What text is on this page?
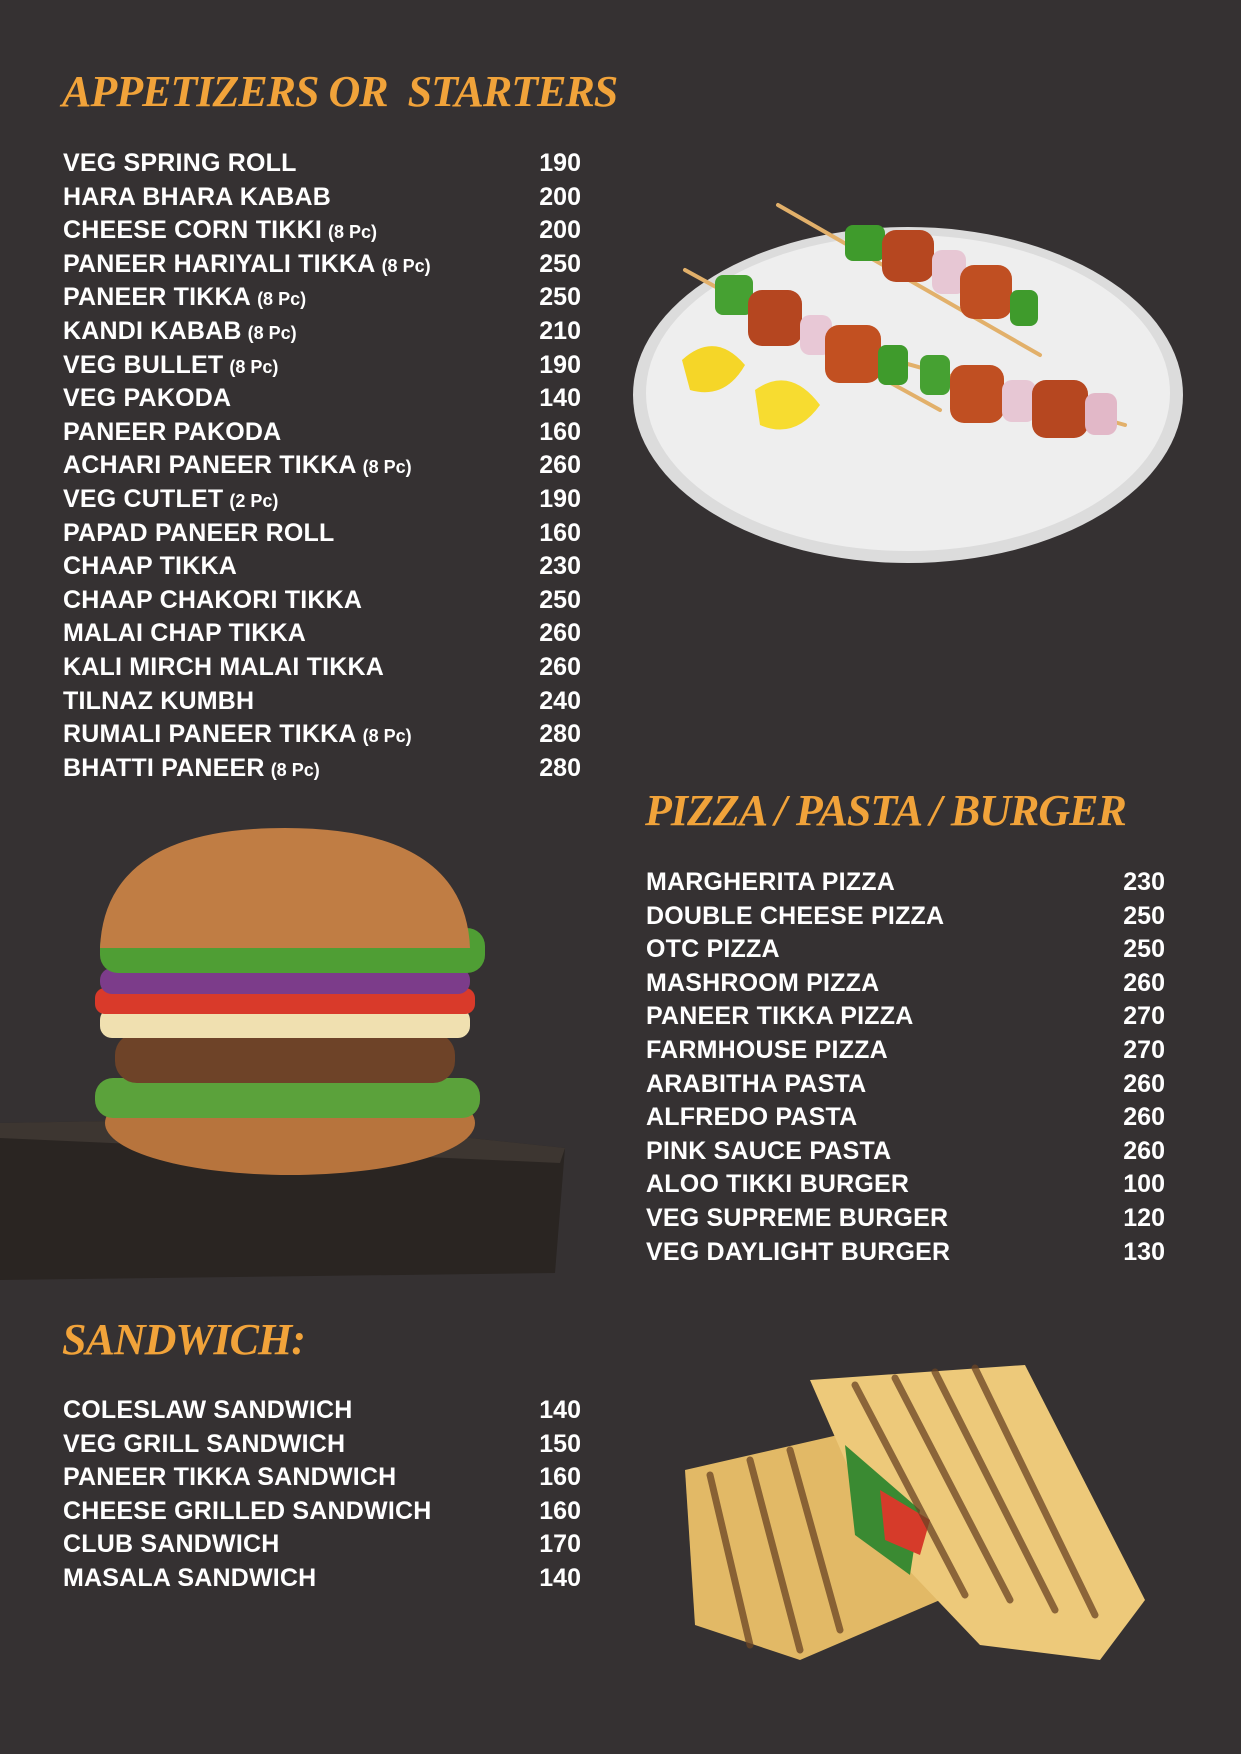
APPETIZERS OR  STARTERS
PIZZA / PASTA / BURGER
SANDWICH:
VEG SPRING ROLL	190
HARA BHARA KABAB	200
CHEESE CORN TIKKI (8 Pc)	200
PANEER HARIYALI TIKKA (8 Pc)	250
PANEER TIKKA (8 Pc)	250
KANDI KABAB (8 Pc)	210
VEG BULLET (8 Pc)	190
VEG PAKODA	140
PANEER PAKODA	160
ACHARI PANEER TIKKA (8 Pc)	260
VEG CUTLET (2 Pc)	190
PAPAD PANEER ROLL	160
CHAAP TIKKA	230
CHAAP CHAKORI TIKKA	250
MALAI CHAP TIKKA	260
KALI MIRCH MALAI TIKKA	260
TILNAZ KUMBH	240
RUMALI PANEER TIKKA (8 Pc)	280
BHATTI PANEER (8 Pc)	280
MARGHERITA PIZZA	230
DOUBLE CHEESE PIZZA	250
OTC PIZZA	250
MASHROOM PIZZA	260
PANEER TIKKA PIZZA	270
FARMHOUSE PIZZA	270
ARABITHA PASTA	260
ALFREDO PASTA	260
PINK SAUCE PASTA	260
ALOO TIKKI BURGER	100
VEG SUPREME BURGER	120
VEG DAYLIGHT BURGER	130
COLESLAW SANDWICH	140
VEG GRILL SANDWICH	150
PANEER TIKKA SANDWICH	160
CHEESE GRILLED SANDWICH	160
CLUB SANDWICH	170
MASALA SANDWICH	140
